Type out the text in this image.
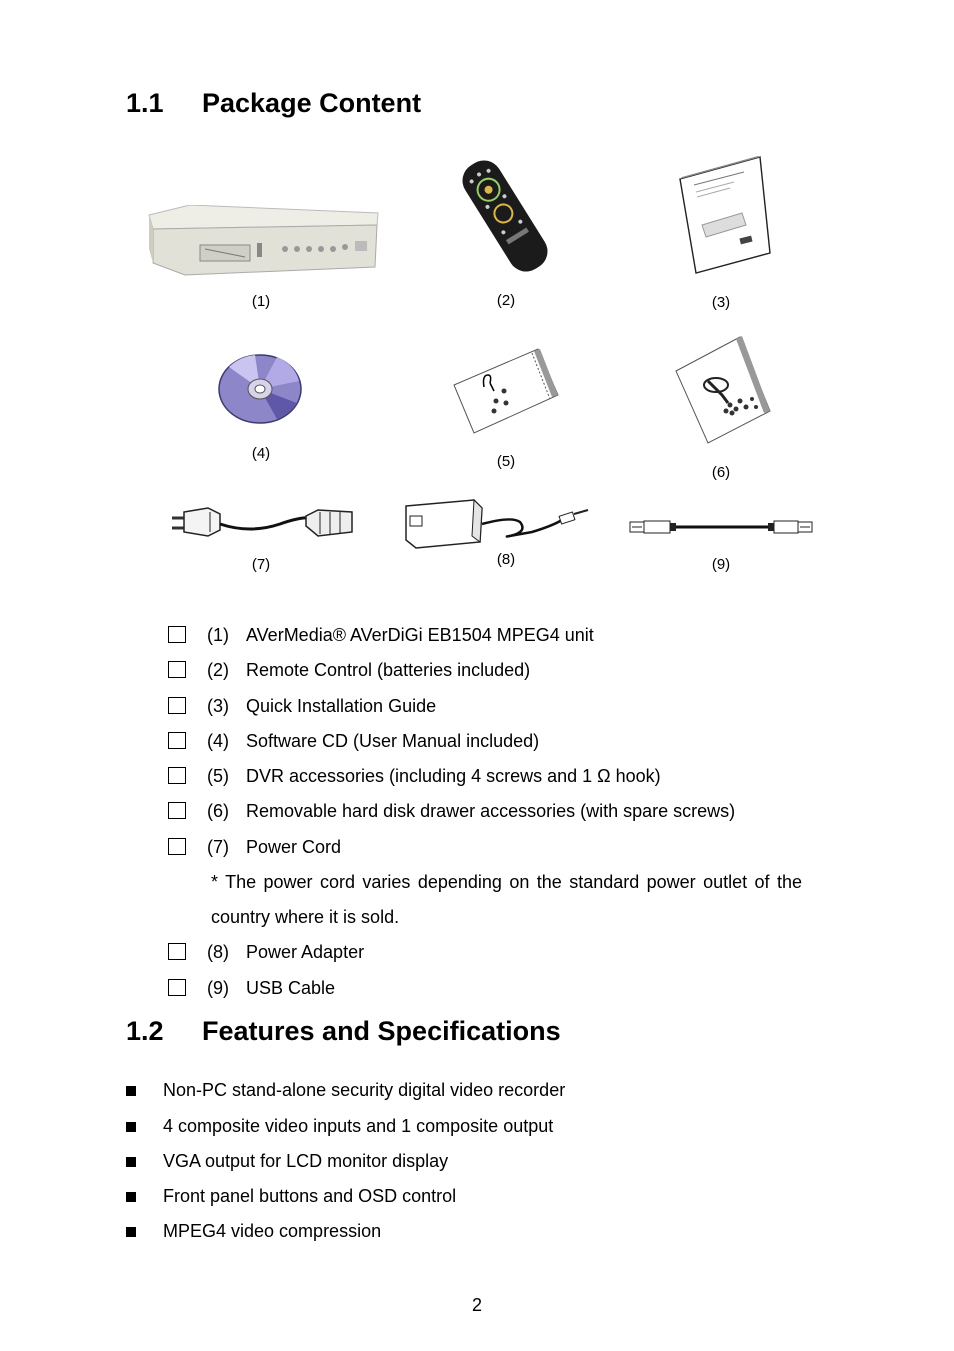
1.1 Package Content
(1)	(2)	(3)
(4)	(5)
(6)
(7)	(8)	(9)
(1) AVerMedia® AVerDiGi EB1504 MPEG4 unit
(2) Remote Control (batteries included)
(3) Quick Installation Guide
(4) Software CD (User Manual included)
(5) DVR accessories (including 4 screws and 1 Ω hook)
(6) Removable hard disk drawer accessories (with spare screws)
(7) Power Cord
* The power cord varies depending on the standard power outlet of the country where it is sold.
(8) Power Adapter
(9) USB Cable
1.2 Features and Specifications
Non-PC stand-alone security digital video recorder
4 composite video inputs and 1 composite output
VGA output for LCD monitor display
Front panel buttons and OSD control
MPEG4 video compression
2
